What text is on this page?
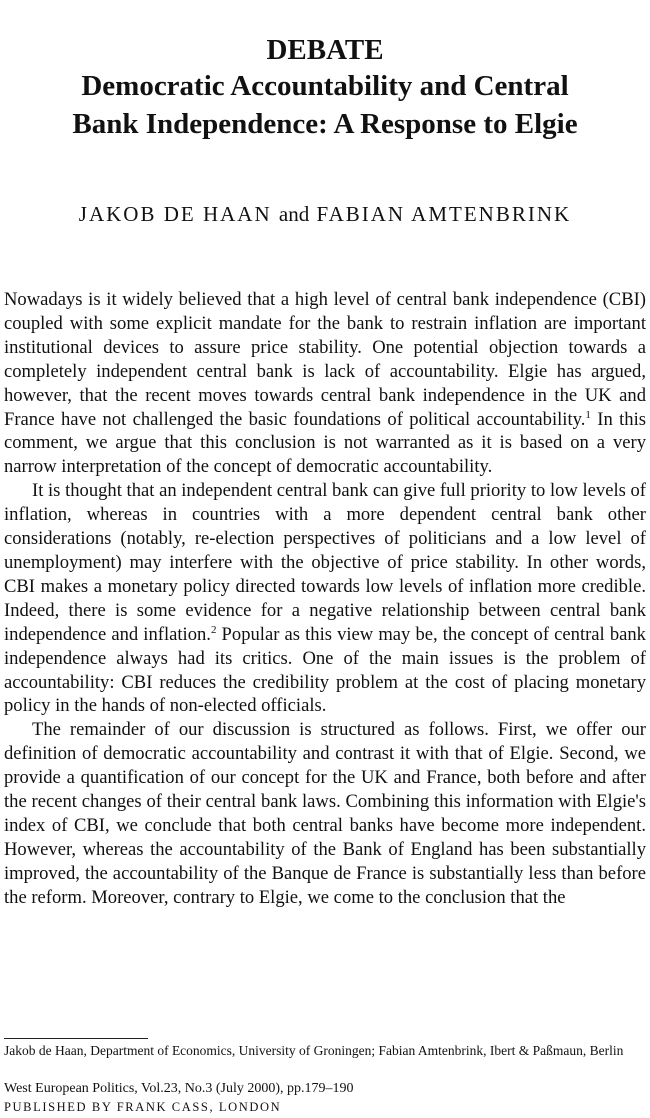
DEBATE
Democratic Accountability and Central
Bank Independence: A Response to Elgie

JAKOB DE HAAN and FABIAN AMTENBRINK

Nowadays is it widely believed that a high level of central bank independence (CBI) coupled with some explicit mandate for the bank to restrain inflation are important institutional devices to assure price stability. One potential objection towards a completely independent central bank is lack of accountability. Elgie has argued, however, that the recent moves towards central bank independence in the UK and France have not challenged the basic foundations of political accountability.$^1$ In this comment, we argue that this conclusion is not warranted as it is based on a very narrow interpretation of the concept of democratic accountability.

It is thought that an independent central bank can give full priority to low levels of inflation, whereas in countries with a more dependent central bank other considerations (notably, re-election perspectives of politicians and a low level of unemployment) may interfere with the objective of price stability. In other words, CBI makes a monetary policy directed towards low levels of inflation more credible. Indeed, there is some evidence for a negative relationship between central bank independence and inflation.$^2$ Popular as this view may be, the concept of central bank independence always had its critics. One of the main issues is the problem of accountability: CBI reduces the credibility problem at the cost of placing monetary policy in the hands of non-elected officials.

The remainder of our discussion is structured as follows. First, we offer our definition of democratic accountability and contrast it with that of Elgie. Second, we provide a quantification of our concept for the UK and France, both before and after the recent changes of their central bank laws. Combining this information with Elgie's index of CBI, we conclude that both central banks have become more independent. However, whereas the accountability of the Bank of England has been substantially improved, the accountability of the Banque de France is substantially less than before the reform. Moreover, contrary to Elgie, we come to the conclusion that the

Jakob de Haan, Department of Economics, University of Groningen; Fabian Amtenbrink, Ibert & Paßmaun, Berlin

West European Politics, Vol.23, No.3 (July 2000), pp.179–190

PUBLISHED BY FRANK CASS, LONDON
